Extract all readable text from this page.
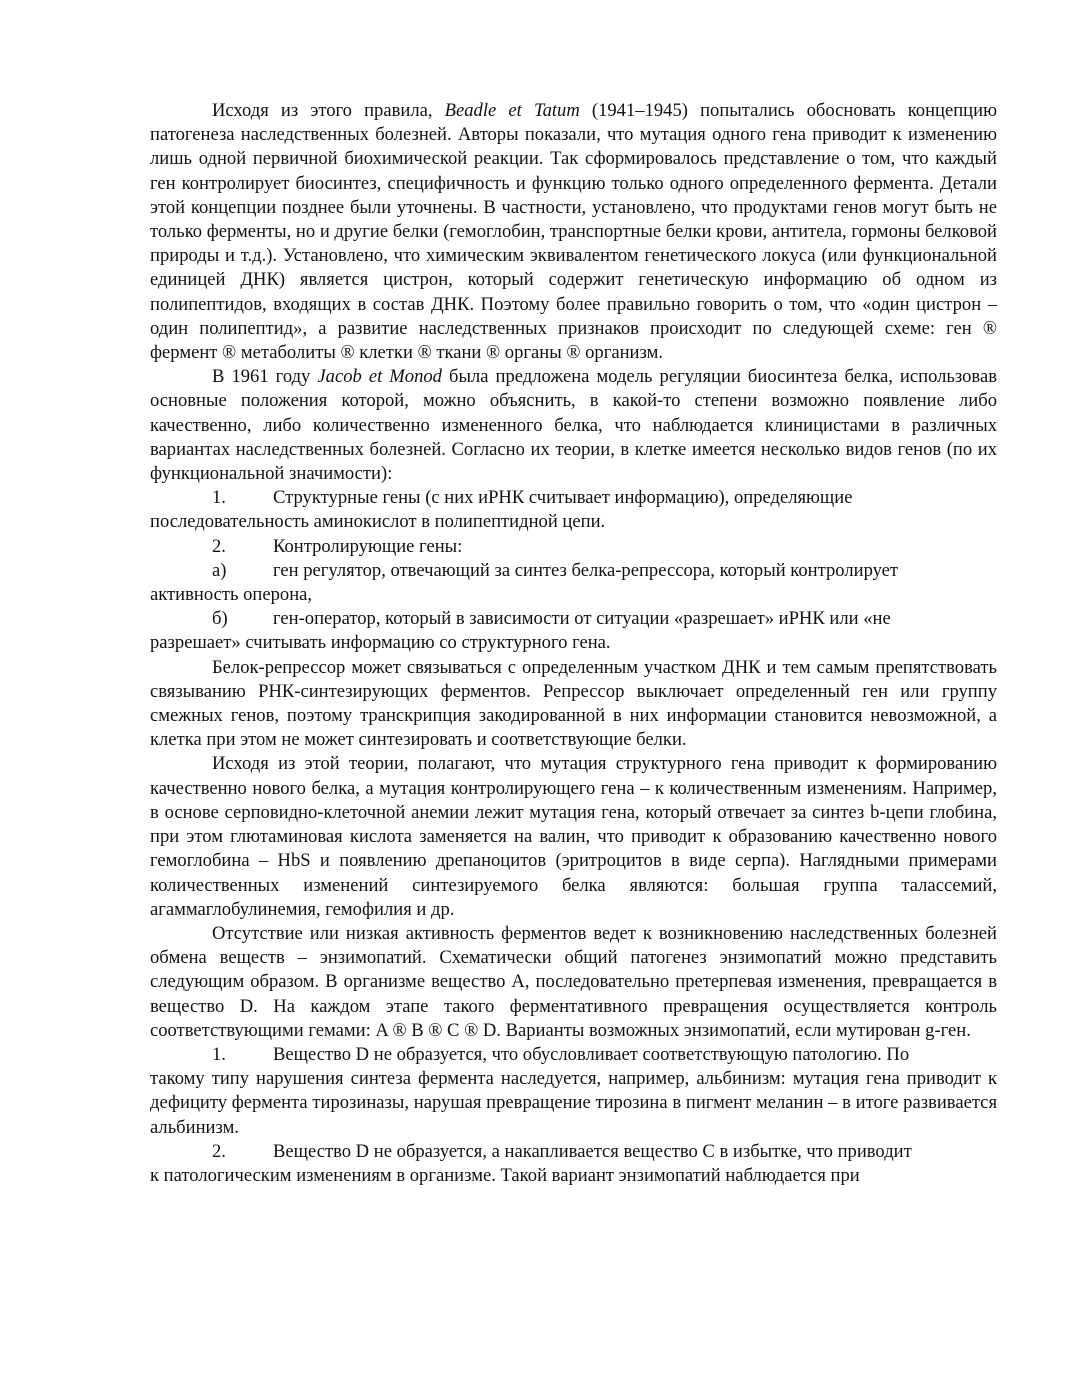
Исходя из этого правила, Beadle et Tatum (1941–1945) попытались обосновать концепцию патогенеза наследственных болезней. Авторы показали, что мутация одного гена приводит к изменению лишь одной первичной биохимической реакции. Так сформировалось представление о том, что каждый ген контролирует биосинтез, специфичность и функцию только одного определенного фермента. Детали этой концепции позднее были уточнены. В частности, установлено, что продуктами генов могут быть не только ферменты, но и другие белки (гемоглобин, транспортные белки крови, антитела, гормоны белковой природы и т.д.). Установлено, что химическим эквивалентом генетического локуса (или функциональной единицей ДНК) является цистрон, который содержит генетическую информацию об одном из полипептидов, входящих в состав ДНК. Поэтому более правильно говорить о том, что «один цистрон – один полипептид», а развитие наследственных признаков происходит по следующей схеме: ген ® фермент ® метаболиты ® клетки ® ткани ® органы ® организм.

В 1961 году Jacob et Monod была предложена модель регуляции биосинтеза белка, использовав основные положения которой, можно объяснить, в какой-то степени возможно появление либо качественно, либо количественно измененного белка, что наблюдается клиницистами в различных вариантах наследственных болезней. Согласно их теории, в клетке имеется несколько видов генов (по их функциональной значимости):

1.	Структурные гены (с них иРНК считывает информацию), определяющие

последовательность аминокислот в полипептидной цепи.

2.	Контролирующие гены:
а)	ген регулятор, отвечающий за синтез белка-репрессора, который контролирует

активность оперона,

б)	ген-оператор, который в зависимости от ситуации «разрешает» иРНК или «не

разрешает» считывать информацию со структурного гена.

Белок-репрессор может связываться с определенным участком ДНК и тем самым препятствовать связыванию РНК-синтезирующих ферментов. Репрессор выключает определенный ген или группу смежных генов, поэтому транскрипция закодированной в них информации становится невозможной, а клетка при этом не может синтезировать и соответствующие белки.

Исходя из этой теории, полагают, что мутация структурного гена приводит к формированию качественно нового белка, а мутация контролирующего гена – к количественным изменениям. Например, в основе серповидно-клеточной анемии лежит мутация гена, который отвечает за синтез b-цепи глобина, при этом глютаминовая кислота заменяется на валин, что приводит к образованию качественно нового гемоглобина – HbS и появлению дрепаноцитов (эритроцитов в виде серпа). Наглядными примерами количественных изменений синтезируемого белка являются: большая группа талассемий, агаммаглобулинемия, гемофилия и др.

Отсутствие или низкая активность ферментов ведет к возникновению наследственных болезней обмена веществ – энзимопатий. Схематически общий патогенез энзимопатий можно представить следующим образом. В организме вещество А, последовательно претерпевая изменения, превращается в вещество D. На каждом этапе такого ферментативного превращения осуществляется контроль соответствующими гемами: A ® B ® C ® D. Варианты возможных энзимопатий, если мутирован g-ген.

1.	Вещество D не образуется, что обусловливает соответствующую патологию. По

такому типу нарушения синтеза фермента наследуется, например, альбинизм: мутация гена приводит к дефициту фермента тирозиназы, нарушая превращение тирозина в пигмент меланин – в итоге развивается альбинизм.

2.	Вещество D не образуется, а накапливается вещество С в избытке, что приводит

к патологическим изменениям в организме. Такой вариант энзимопатий наблюдается при
